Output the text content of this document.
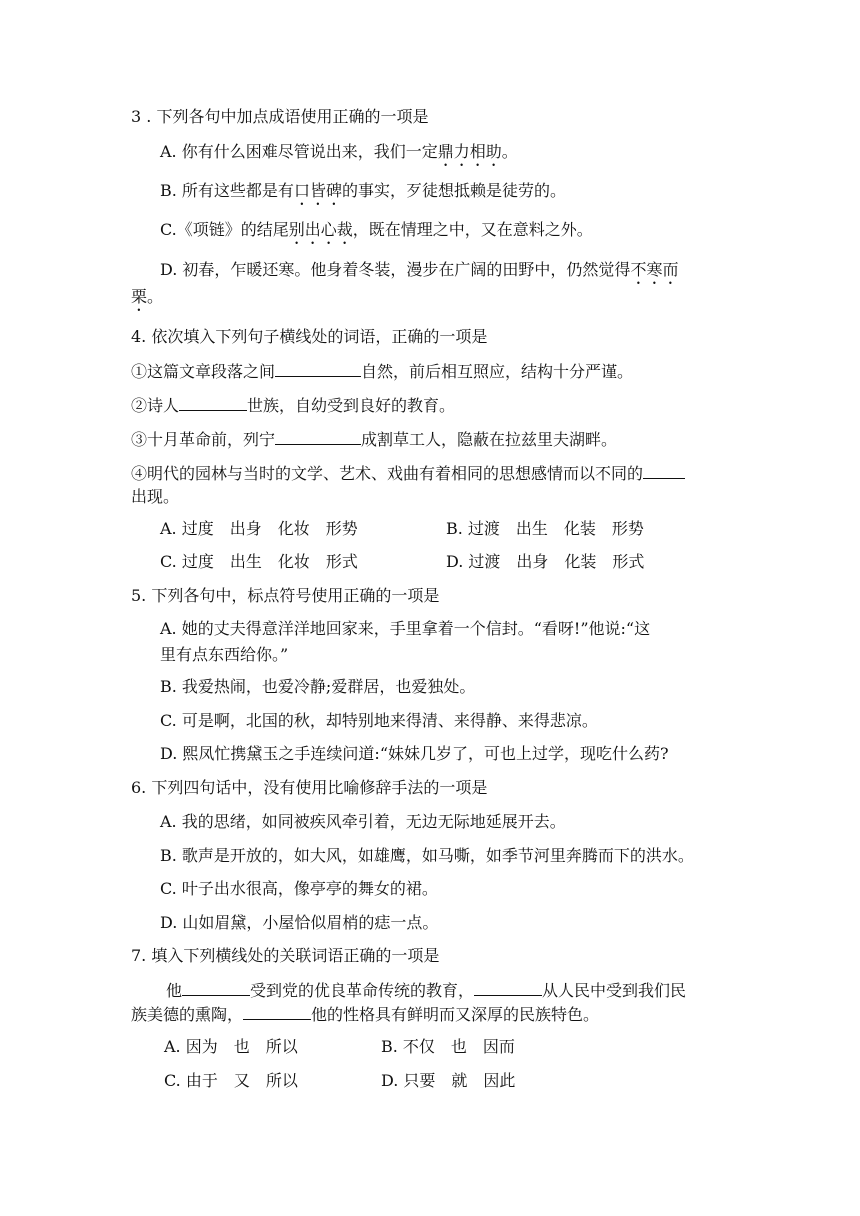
3 . 下列各句中加点成语使用正确的一项是
A. 你有什么困难尽管说出来，我们一定鼎力相助。
B. 所有这些都是有口皆碑的事实，歹徒想抵赖是徒劳的。
C.《项链》的结尾别出心裁，既在情理之中，又在意料之外。
D. 初春，乍暖还寒。他身着冬装，漫步在广阔的田野中，仍然觉得不寒而
栗。
4. 依次填入下列句子横线处的词语，正确的一项是
①这篇文章段落之间	自然，前后相互照应，结构十分严谨。
②诗人	世族，自幼受到良好的教育。
③十月革命前，列宁	成割草工人，隐蔽在拉兹里夫湖畔。
④明代的园林与当时的文学、艺术、戏曲有着相同的思想感情而以不同的
出现。
A. 过度　出身　化妆　形势	B. 过渡　出生　化装　形势
C. 过度　出生　化妆　形式	D. 过渡　出身　化装　形式
5. 下列各句中，标点符号使用正确的一项是
A. 她的丈夫得意洋洋地回家来，手里拿着一个信封。“看呀!”他说:“这
里有点东西给你。”
B. 我爱热闹，也爱冷静;爱群居，也爱独处。
C. 可是啊，北国的秋，却特别地来得清、来得静、来得悲凉。
D. 熙凤忙携黛玉之手连续问道:“妹妹几岁了，可也上过学，现吃什么药?
6. 下列四句话中，没有使用比喻修辞手法的一项是
A. 我的思绪，如同被疾风牵引着，无边无际地延展开去。
B. 歌声是开放的，如大风，如雄鹰，如马嘶，如季节河里奔腾而下的洪水。
C. 叶子出水很高，像亭亭的舞女的裙。
D. 山如眉黛，小屋恰似眉梢的痣一点。
7. 填入下列横线处的关联词语正确的一项是
他	受到党的优良革命传统的教育，	从人民中受到我们民
族美德的熏陶，	他的性格具有鲜明而又深厚的民族特色。
A. 因为　也　所以	B. 不仅　也　因而
C. 由于　又　所以	D. 只要　就　因此
